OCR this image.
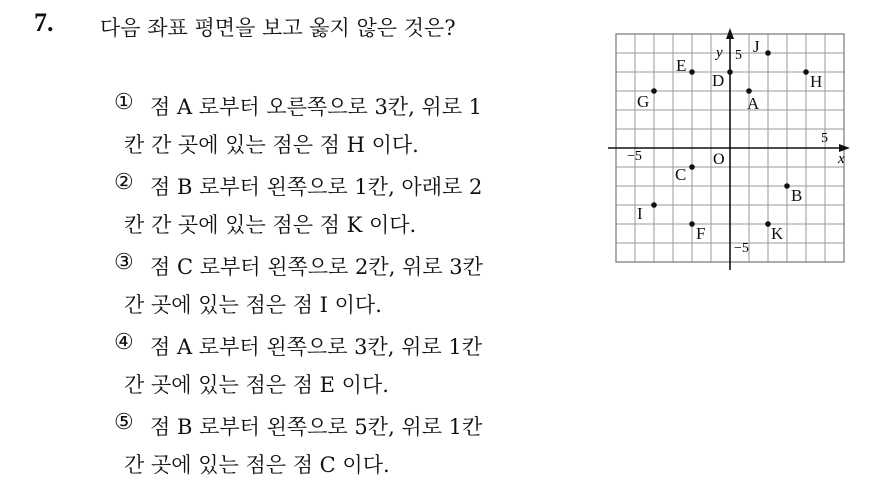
7. 다음 좌표 평면을 보고 옳지 않은 것은?
① 점 A 로부터 오른쪽으로 3칸, 위로 1
칸 간 곳에 있는 점은 점 H 이다.
② 점 B 로부터 왼쪽으로 1칸, 아래로 2
칸 간 곳에 있는 점은 점 K 이다.
③ 점 C 로부터 왼쪽으로 2칸, 위로 3칸
간 곳에 있는 점은 점 I 이다.
④ 점 A 로부터 왼쪽으로 3칸, 위로 1칸
간 곳에 있는 점은 점 E 이다.
⑤ 점 B 로부터 왼쪽으로 5칸, 위로 1칸
간 곳에 있는 점은 점 C 이다.
x
y
O
5
−5
5
−5
A
B
C
D
E
F
G
H
I
J
K
